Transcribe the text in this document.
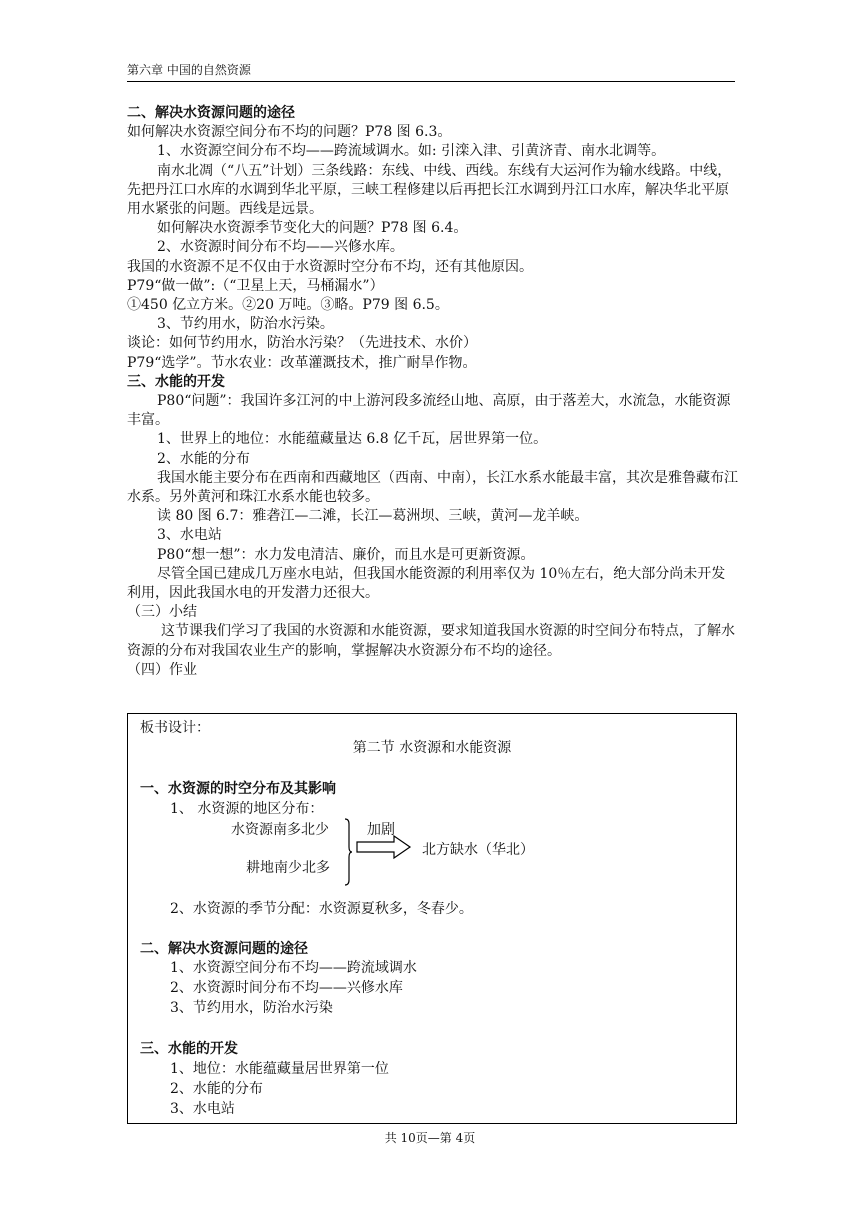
第六章 中国的自然资源

二、解决水资源问题的途径

如何解决水资源空间分布不均的问题？P78 图 6.3。

1、水资源空间分布不均——跨流域调水。如: 引滦入津、引黄济青、南水北调等。

南水北凋（“八五”计划）三条线路：东线、中线、西线。东线有大运河作为输水线路。中线，先把丹江口水库的水调到华北平原，三峡工程修建以后再把长江水调到丹江口水库，解决华北平原用水紧张的问题。西线是远景。

如何解决水资源季节变化大的问题？P78 图 6.4。

2、水资源时间分布不均——兴修水库。

我国的水资源不足不仅由于水资源时空分布不均，还有其他原因。

P79“做一做”:（“卫星上天，马桶漏水”）

①450 亿立方米。②20 万吨。③略。P79 图 6.5。

3、节约用水，防治水污染。

谈论：如何节约用水，防治水污染？（先进技术、水价）

P79“选学”。节水农业：改革灌溉技术，推广耐旱作物。

三、水能的开发

P80“问题”：我国许多江河的中上游河段多流经山地、高原，由于落差大，水流急，水能资源丰富。

1、世界上的地位：水能蕴藏量达 6.8 亿千瓦，居世界第一位。

2、水能的分布

我国水能主要分布在西南和西藏地区（西南、中南），长江水系水能最丰富，其次是雅鲁藏布江水系。另外黄河和珠江水系水能也较多。

读 80 图 6.7：雅砻江—二滩，长江—葛洲坝、三峡，黄河—龙羊峡。

3、水电站

P80“想一想”：水力发电清洁、廉价，而且水是可更新资源。

尽管全国已建成几万座水电站，但我国水能资源的利用率仅为 10％左右，绝大部分尚未开发利用，因此我国水电的开发潜力还很大。

（三）小结

这节课我们学习了我国的水资源和水能资源，要求知道我国水资源的时空间分布特点，了解水资源的分布对我国农业生产的影响，掌握解决水资源分布不均的途径。

（四）作业

板书设计：
第二节 水资源和水能资源
一、水资源的时空分布及其影响
1、 水资源的地区分布：
水资源南多北少	加剧
北方缺水（华北）
耕地南少北多
2、水资源的季节分配：水资源夏秋多，冬春少。
二、解决水资源问题的途径
1、水资源空间分布不均——跨流域调水
2、水资源时间分布不均——兴修水库
3、节约用水，防治水污染
三、水能的开发
1、地位：水能蕴藏量居世界第一位
2、水能的分布
3、水电站
共 10页—第 4页
